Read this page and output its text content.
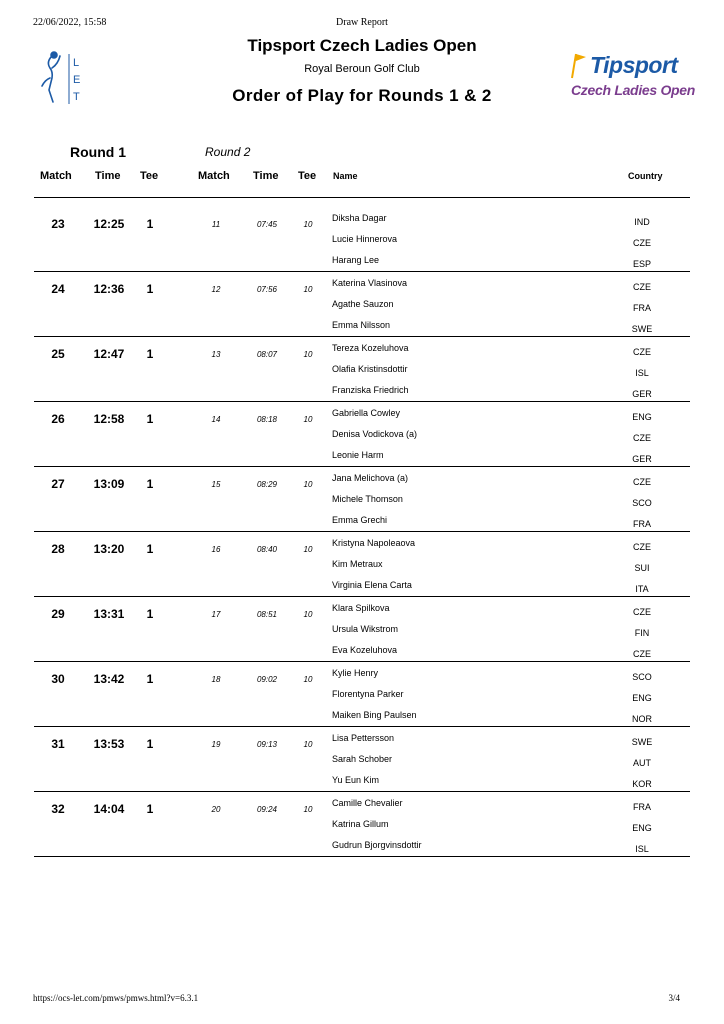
22/06/2022, 15:58	Draw Report
https://ocs-let.com/pmws/pmws.html?v=6.3.1	3/4
L
E
T
Tipsport
Czech Ladies Open
Tipsport Czech Ladies Open
Royal Beroun Golf Club
Order of Play for Rounds 1 & 2
Round 1	Round 2
Match Time Tee	Match Time Tee Name	Country
23	12:25	1	11	07:45	10
Diksha Dagar	IND
Lucie Hinnerova	CZE
Harang Lee	ESP
24	12:36	1	12	07:56	10
Katerina Vlasinova	CZE
Agathe Sauzon	FRA
Emma Nilsson	SWE
25	12:47	1	13	08:07	10
Tereza Kozeluhova	CZE
Olafia Kristinsdottir	ISL
Franziska Friedrich	GER
26	12:58	1	14	08:18	10
Gabriella Cowley	ENG
Denisa Vodickova (a)	CZE
Leonie Harm	GER
27	13:09	1	15	08:29	10
Jana Melichova (a)	CZE
Michele Thomson	SCO
Emma Grechi	FRA
28	13:20	1	16	08:40	10
Kristyna Napoleaova	CZE
Kim Metraux	SUI
Virginia Elena Carta	ITA
29	13:31	1	17	08:51	10
Klara Spilkova	CZE
Ursula Wikstrom	FIN
Eva Kozeluhova	CZE
30	13:42	1	18	09:02	10
Kylie Henry	SCO
Florentyna Parker	ENG
Maiken Bing Paulsen	NOR
31	13:53	1	19	09:13	10
Lisa Pettersson	SWE
Sarah Schober	AUT
Yu Eun Kim	KOR
32	14:04	1	20	09:24	10
Camille Chevalier	FRA
Katrina Gillum	ENG
Gudrun Bjorgvinsdottir	ISL
